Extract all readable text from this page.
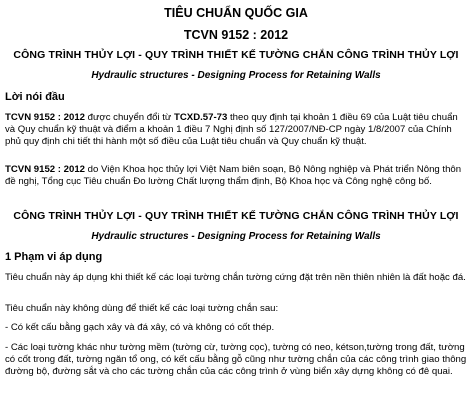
TIÊU CHUẨN QUỐC GIA
TCVN 9152 : 2012
CÔNG TRÌNH THỦY LỢI - QUY TRÌNH THIẾT KẾ TƯỜNG CHẮN CÔNG TRÌNH THỦY LỢI
Hydraulic structures - Designing Process for Retaining Walls
Lời nói đầu
TCVN 9152 : 2012 được chuyển đổi từ TCXD.57-73 theo quy định tại khoản 1 điều 69 của Luật tiêu chuẩn và Quy chuẩn kỹ thuật và điểm a khoản 1 điều 7 Nghị định số 127/2007/NĐ-CP ngày 1/8/2007 của Chính phủ quy định chi tiết thi hành một số điều của Luật tiêu chuẩn và Quy chuẩn kỹ thuật.
TCVN 9152 : 2012 do Viện Khoa học thủy lợi Việt Nam biên soạn, Bộ Nông nghiệp và Phát triển Nông thôn đề nghị, Tổng cục Tiêu chuẩn Đo lường Chất lượng thẩm định, Bộ Khoa học và Công nghệ công bố.
CÔNG TRÌNH THỦY LỢI - QUY TRÌNH THIẾT KẾ TƯỜNG CHẮN CÔNG TRÌNH THỦY LỢI
Hydraulic structures - Designing Process for Retaining Walls
1 Phạm vi áp dụng
Tiêu chuẩn này áp dụng khi thiết kế các loại tường chắn tường cứng đặt trên nền thiên nhiên là đất hoặc đá.
Tiêu chuẩn này không dùng để thiết kế các loại tường chắn sau:
- Có kết cấu bằng gạch xây và đá xây, có và không có cốt thép.
- Các loại tường khác như tường mềm (tường cừ, tường cọc), tường có neo, kétson,tường trong đất, tường có cốt trong đất, tường ngăn tổ ong, có kết cấu bằng gỗ cũng như tường chắn của các công trình giao thông đường bộ, đường sắt và cho các tường chắn của các công trình ở vùng biển xây dựng không có đê quai.
